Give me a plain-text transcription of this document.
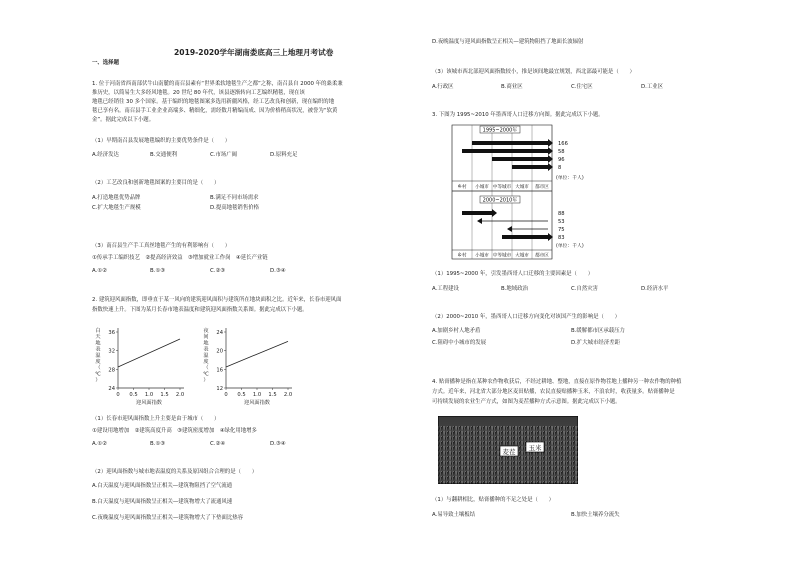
2019-2020学年湖南娄底高三上地理月考试卷
一、选择题
1. 位于河南省西南部伏牛山南麓的南召县素有“世界柔软地毯生产之都”之称，南召县自 2000 年的桑柔兼
推历史，以简易生大多经风地毯。20 世纪 80 年代，该县逐渐转向工艺编织精毯，现在该
地毯已经销往 30 多个国家。基于编织的地毯图案多选用新疆风格，经工艺改良和创新，现在编织的地
毯已享有名。南召县手工业企业高端多、精细化，需经数月精编而成、因为价格稍高状况，被誉为“软黄
金”。据此完成以下小题。
（1）早期南召县发展地毯编织的主要优势条件是（　　）
A.经济发达	B.交通便利	C.市场广阔	D.原料充足
（2）工艺改良和创新地毯图案的主要目的是（　　）
A.打造地毯优势品牌	B.满足不同市场需求
C.扩大地毯生产规模	D.提高地毯销售价格
（3）南召县生产手工真丝地毯产生的有利影响有（　　）
①传承手工编织技艺　②提高经济效益　③增加就业工作岗　④延长产业链
A.①②	B.①③	C.②③	D.③④
2. 建筑迎风面指数，即垂直于某一风向的建筑迎风面积与建筑所在地块面积之比。近年来，长春市迎风面
指数快速上升。下图为某月长春市地表温度和建筑迎风面指数关系图。据此完成以下小题。
0 0.5 1.0 1.5 2.0
24
28
32
36
白
天
地
表
温
度
（
℃
）
迎风面指数
0 0.5 1.0 1.5 2.0
12
16
20
24
夜
间
地
表
温
度
（
℃
）
迎风面指数
（1）长春市迎风面指数上升主要是由于城市（　　）
①建设用地增加　②建筑高度升高　③建筑密度增加　④绿化用地增多
A.①②	B.①③	C.②④	D.③④
（2）迎风面指数与城市地表温度的关系及原因组合合理的是（　　）
A.白天温度与迎风面指数呈正相关—建筑物阻挡了空气流通
B.白天温度与迎风面指数呈正相关—建筑物增大了流通风速
C.夜晚温度与迎风面指数呈正相关—建筑物增大了下垫面比热容
D.夜晚温度与迎风面指数呈正相关—建筑物阻挡了地面长波辐射
（3）该城市西北部迎风面指数较小，推是该间地最宜规划，西北部最可能是（　　）
A.行政区	B.商业区	C.住宅区	D.工业区
3. 下图为 1995~2010 年墨西哥人口迁移方向图。据此完成以下小题。
1995~2000年
166
58
96
8
(单位：千人)
乡村 小城市 中等城市 大城市 都市区
2000~2010年
88
53
75
83
(单位：千人)
乡村 小城市 中等城市 大城市 都市区
（1）1995~2000 年，引发墨西哥人口迁移的主要因素是（　　）
A.工程建设	B.地域政治	C.自然灾害	D.经济水平
（2）2000~2010 年，墨西哥人口迁移方向变化对该国产生的影响是（　　）
A.加剧乡村人地矛盾	B.缓解都市区承载压力
C.阻碍中小城市的发展	D.扩大城市经济差距
4. 贴膏播种是指在某种农作物收获后，不经过耕地、整地，直接在原作物茬地上播种另一种农作物的种植
方式。近年来，河北省大部分地区麦田贴播，农民直接贴播种玉米，不浪农时，收获量多。贴膏播种是
可持续发展的农业生产方式，如图为麦茬播种方式示意图。据此完成以下小题。
麦茬 玉米
（1）与翻耕相比，贴膏播种的不足之处是（　　）
A.易导致土壤板结	B.加快土壤养分流失
